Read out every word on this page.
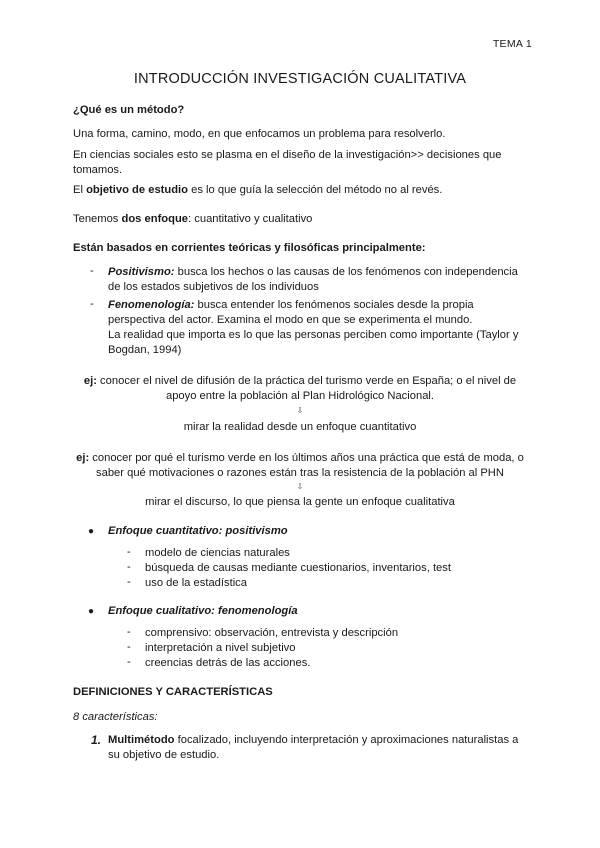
TEMA 1
INTRODUCCIÓN INVESTIGACIÓN CUALITATIVA
¿Qué es un método?
Una forma, camino, modo, en que enfocamos un problema para resolverlo.
En ciencias sociales esto se plasma en el diseño de la investigación>> decisiones que tomamos.
El objetivo de estudio es lo que guía la selección del método no al revés.
Tenemos dos enfoque: cuantitativo y cualitativo
Están basados en corrientes teóricas y filosóficas principalmente:
- Positivismo: busca los hechos o las causas de los fenómenos con independencia
de los estados subjetivos de los individuos
- Fenomenología: busca entender los fenómenos sociales desde la propia
perspectiva del actor. Examina el modo en que se experimenta el mundo.
La realidad que importa es lo que las personas perciben como importante (Taylor y
Bogdan, 1994)
ej: conocer el nivel de difusión de la práctica del turismo verde en España; o el nivel de
apoyo entre la población al Plan Hidrológico Nacional.
⇩
mirar la realidad desde un enfoque cuantitativo
ej: conocer por qué el turismo verde en los últimos años una práctica que está de moda, o
saber qué motivaciones o razones están tras la resistencia de la población al PHN
⇩
mirar el discurso, lo que piensa la gente un enfoque cualitativa
● Enfoque cuantitativo: positivismo
- modelo de ciencias naturales
- búsqueda de causas mediante cuestionarios, inventarios, test
- uso de la estadística
● Enfoque cualitativo: fenomenología
- comprensivo: observación, entrevista y descripción
- interpretación a nivel subjetivo
- creencias detrás de las acciones.
DEFINICIONES Y CARACTERÍSTICAS
8 características:
1. Multimétodo focalizado, incluyendo interpretación y aproximaciones naturalistas a
su objetivo de estudio.
